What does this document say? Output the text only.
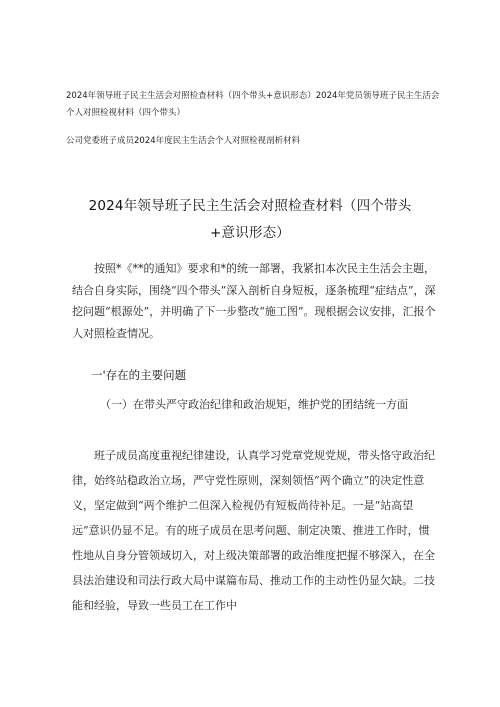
2024年领导班子民主生活会对照检查材料（四个带头+意识形态）2024年党员领导班子民主生活会个人对照检视材料（四个带头）
公司党委班子成员2024年度民主生活会个人对照检视剖析材料
2024年领导班子民主生活会对照检查材料（四个带头+意识形态）
按照*《**的通知》要求和*的统一部署，我紧扣本次民主生活会主题，结合自身实际，围绕“四个带头”深入剖析自身短板，逐条梳理“症结点”，深挖问题“根源处”，并明确了下一步整改“施工图”。现根据会议安排，汇报个人对照检查情况。
一'存在的主要问题
（一）在带头严守政治纪律和政治规矩，维护党的团结统一方面
班子成员高度重视纪律建设，认真学习党章党规党规，带头恪守政治纪律，始终站稳政治立场，严守党性原则，深刻领悟“两个确立”的决定性意义，坚定做到“两个维护二但深入检视仍有短板尚待补足。一是“站高望远”意识仍显不足。有的班子成员在思考问题、制定决策、推进工作时，惯性地从自身分管领域切入，对上级决策部署的政治维度把握不够深入，在全县法治建设和司法行政大局中谋篇布局、推动工作的主动性仍显欠缺。二技能和经验，导致一些员工在工作中
